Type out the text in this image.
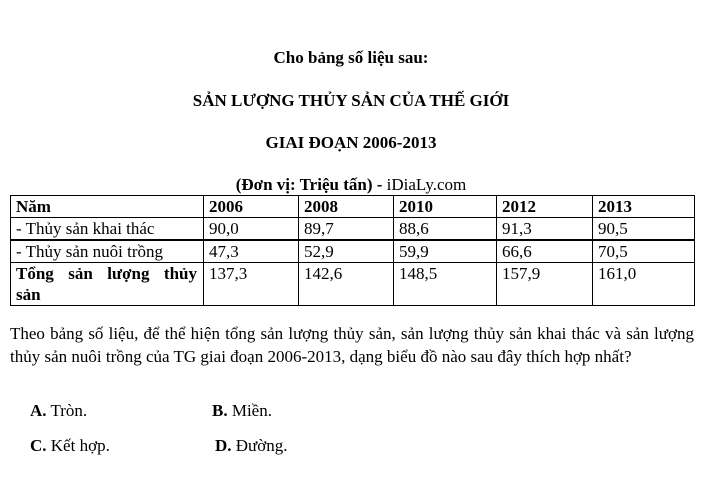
Cho bảng số liệu sau:
SẢN LƯỢNG THỦY SẢN CỦA THẾ GIỚI
GIAI ĐOẠN 2006-2013
(Đơn vị: Triệu tấn) - iDiaLy.com
Năm	2006	2008	2010	2012	2013
- Thủy sản khai thác	90,0	89,7	88,6	91,3	90,5
- Thủy sản nuôi trồng	47,3	52,9	59,9	66,6	70,5

Tổng sản lượng thủy
sản	137,3	142,6	148,5	157,9	161,0
Theo bảng số liệu, để thể hiện tổng sản lượng thủy sản, sản lượng thủy sản khai thác và sản lượng thủy sản nuôi trồng của TG giai đoạn 2006-2013, dạng biểu đồ nào sau đây thích hợp nhất?
A. Tròn.	B. Miền.
C. Kết hợp.	D. Đường.
